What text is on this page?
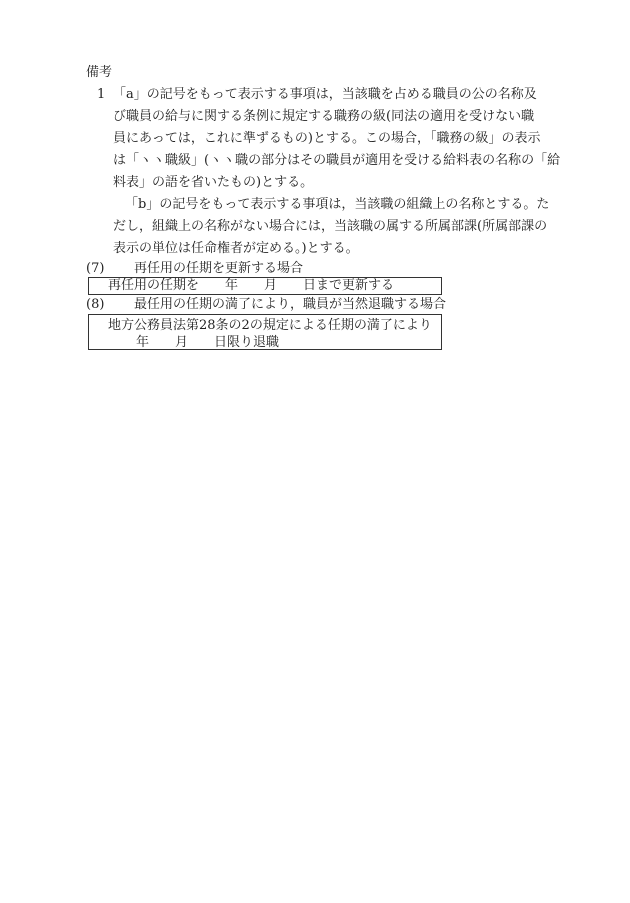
備考
1 「a」の記号をもって表示する事項は，当該職を占める職員の公の名称及
び職員の給与に関する条例に規定する職務の級(同法の適用を受けない職
員にあっては，これに準ずるもの)とする。この場合，「職務の級」の表示
は「ヽヽ職級」(ヽヽ職の部分はその職員が適用を受ける給料表の名称の「給
料表」の語を省いたもの)とする。
「b」の記号をもって表示する事項は，当該職の組織上の名称とする。た
だし，組織上の名称がない場合には，当該職の属する所属部課(所属部課の
表示の単位は任命権者が定める。)とする。
(7) 再任用の任期を更新する場合
再任用の任期を　　年　　月　　日まで更新する
(8) 最任用の任期の満了により，職員が当然退職する場合
地方公務員法第28条の2の規定による任期の満了により
年　　月　　日限り退職
